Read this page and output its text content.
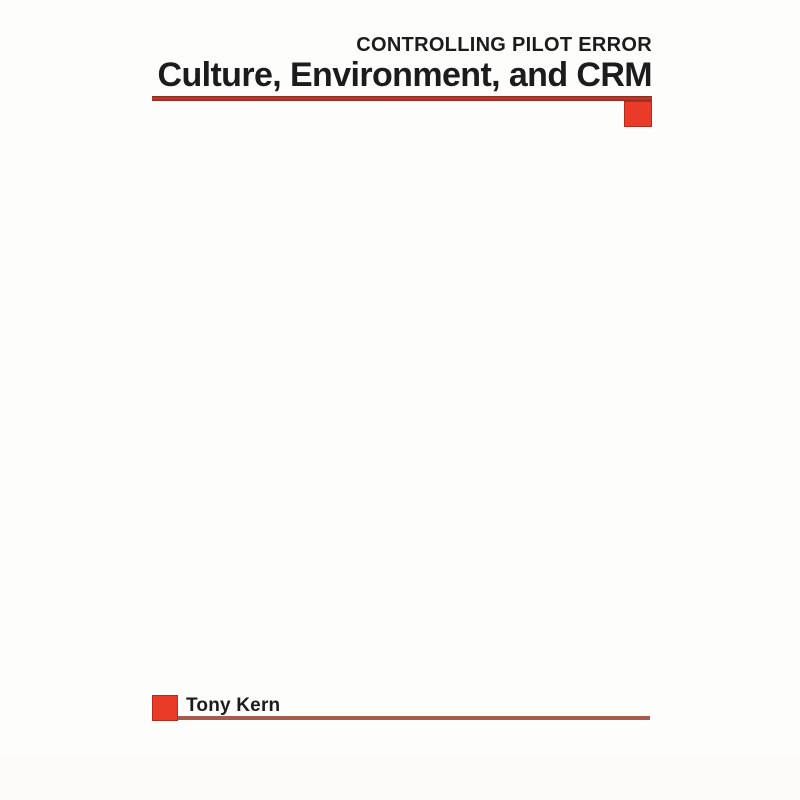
CONTROLLING PILOT ERROR
Culture, Environment, and CRM
Tony Kern
